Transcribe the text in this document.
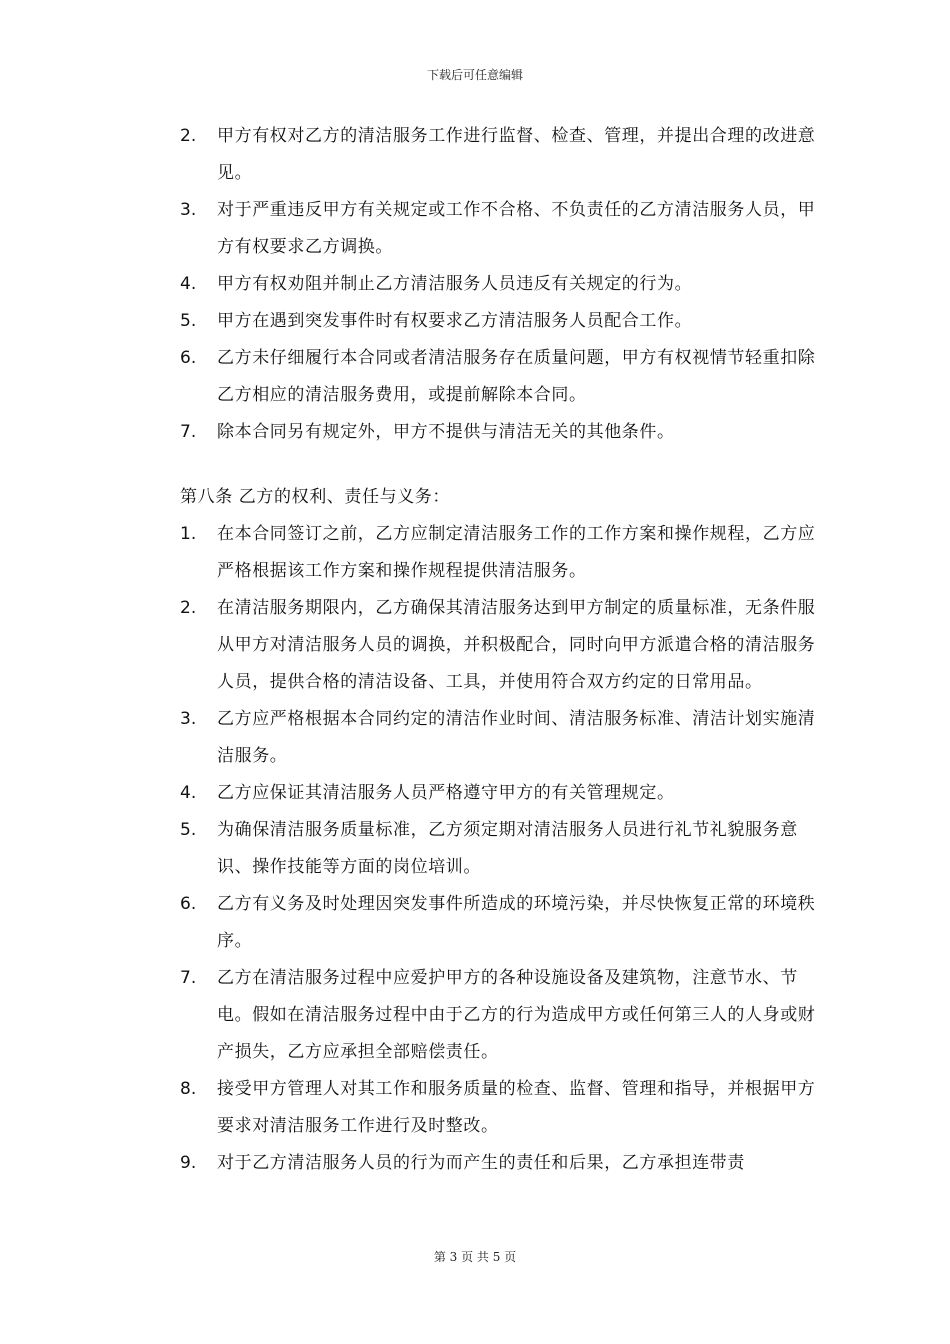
下载后可任意编辑
2. 甲方有权对乙方的清洁服务工作进行监督、检查、管理，并提出合理的改进意见。
3. 对于严重违反甲方有关规定或工作不合格、不负责任的乙方清洁服务人员，甲方有权要求乙方调换。
4. 甲方有权劝阻并制止乙方清洁服务人员违反有关规定的行为。
5. 甲方在遇到突发事件时有权要求乙方清洁服务人员配合工作。
6. 乙方未仔细履行本合同或者清洁服务存在质量问题，甲方有权视情节轻重扣除乙方相应的清洁服务费用，或提前解除本合同。
7. 除本合同另有规定外，甲方不提供与清洁无关的其他条件。
第八条 乙方的权利、责任与义务：
1. 在本合同签订之前，乙方应制定清洁服务工作的工作方案和操作规程，乙方应严格根据该工作方案和操作规程提供清洁服务。
2. 在清洁服务期限内，乙方确保其清洁服务达到甲方制定的质量标准，无条件服从甲方对清洁服务人员的调换，并积极配合，同时向甲方派遣合格的清洁服务人员，提供合格的清洁设备、工具，并使用符合双方约定的日常用品。
3. 乙方应严格根据本合同约定的清洁作业时间、清洁服务标准、清洁计划实施清洁服务。
4. 乙方应保证其清洁服务人员严格遵守甲方的有关管理规定。
5. 为确保清洁服务质量标准，乙方须定期对清洁服务人员进行礼节礼貌服务意识、操作技能等方面的岗位培训。
6. 乙方有义务及时处理因突发事件所造成的环境污染，并尽快恢复正常的环境秩序。
7. 乙方在清洁服务过程中应爱护甲方的各种设施设备及建筑物，注意节水、节电。假如在清洁服务过程中由于乙方的行为造成甲方或任何第三人的人身或财产损失，乙方应承担全部赔偿责任。
8. 接受甲方管理人对其工作和服务质量的检查、监督、管理和指导，并根据甲方要求对清洁服务工作进行及时整改。
9. 对于乙方清洁服务人员的行为而产生的责任和后果，乙方承担连带责
第 3 页 共 5 页
